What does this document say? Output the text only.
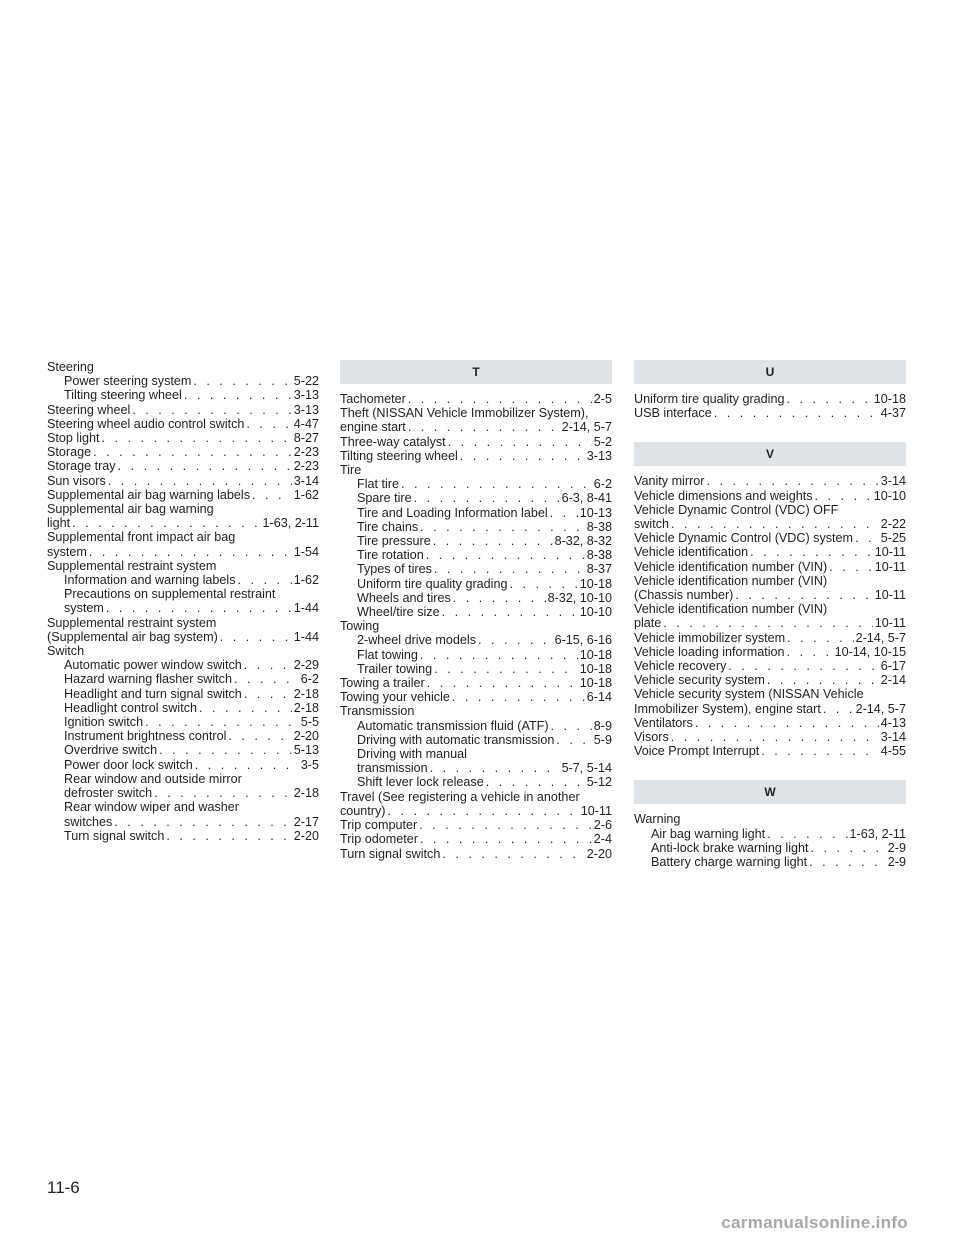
Steering
Power steering system . . .	5-22
Tilting steering wheel . . .	3-13
Steering wheel . . .	3-13
Steering wheel audio control switch . . .	4-47
Stop light . . .	8-27
Storage . . .	2-23
Storage tray . . .	2-23
Sun visors . . .	3-14
Supplemental air bag warning labels . . .	1-62
Supplemental air bag warning
light . . .	1-63, 2-11
Supplemental front impact air bag
system . . .	1-54
Supplemental restraint system
Information and warning labels . . .	1-62
Precautions on supplemental restraint
system . . .	1-44
Supplemental restraint system
(Supplemental air bag system) . . .	1-44
Switch
Automatic power window switch . . .	2-29
Hazard warning flasher switch . . .	6-2
Headlight and turn signal switch . . .	2-18
Headlight control switch . . .	2-18
Ignition switch . . .	5-5
Instrument brightness control . . .	2-20
Overdrive switch . . .	5-13
Power door lock switch . . .	3-5
Rear window and outside mirror
defroster switch . . .	2-18
Rear window wiper and washer
switches . . .	2-17
Turn signal switch . . .	2-20
T
Tachometer . . .	2-5
Theft (NISSAN Vehicle Immobilizer System),
engine start . . .	2-14, 5-7
Three-way catalyst . . .	5-2
Tilting steering wheel . . .	3-13
Tire
Flat tire . . .	6-2
Spare tire . . .	6-3, 8-41
Tire and Loading Information label . . .	10-13
Tire chains . . .	8-38
Tire pressure . . .	8-32, 8-32
Tire rotation . . .	8-38
Types of tires . . .	8-37
Uniform tire quality grading . . .	10-18
Wheels and tires . . .	8-32, 10-10
Wheel/tire size . . .	10-10
Towing
2-wheel drive models . . .	6-15, 6-16
Flat towing . . .	10-18
Trailer towing . . .	10-18
Towing a trailer . . .	10-18
Towing your vehicle . . .	6-14
Transmission
Automatic transmission fluid (ATF) . . .	8-9
Driving with automatic transmission . . .	5-9
Driving with manual
transmission . . .	5-7, 5-14
Shift lever lock release . . .	5-12
Travel (See registering a vehicle in another
country) . . .	10-11
Trip computer . . .	2-6
Trip odometer . . .	2-4
Turn signal switch . . .	2-20
U
Uniform tire quality grading . . .	10-18
USB interface . . .	4-37
V
Vanity mirror . . .	3-14
Vehicle dimensions and weights . . .	10-10
Vehicle Dynamic Control (VDC) OFF
switch . . .	2-22
Vehicle Dynamic Control (VDC) system . . . 5-25
Vehicle identification . . .	10-11
Vehicle identification number (VIN) . . .	10-11
Vehicle identification number (VIN)
(Chassis number) . . .	10-11
Vehicle identification number (VIN)
plate . . .	10-11
Vehicle immobilizer system . . .	2-14, 5-7
Vehicle loading information . . .	10-14, 10-15
Vehicle recovery . . .	6-17
Vehicle security system . . .	2-14
Vehicle security system (NISSAN Vehicle
Immobilizer System), engine start . . .	2-14, 5-7
Ventilators . . .	4-13
Visors . . .	3-14
Voice Prompt Interrupt . . .	4-55
W
Warning
Air bag warning light . . .	1-63, 2-11
Anti-lock brake warning light . . .	2-9
Battery charge warning light . . .	2-9
11-6
carmanualsonline.info
